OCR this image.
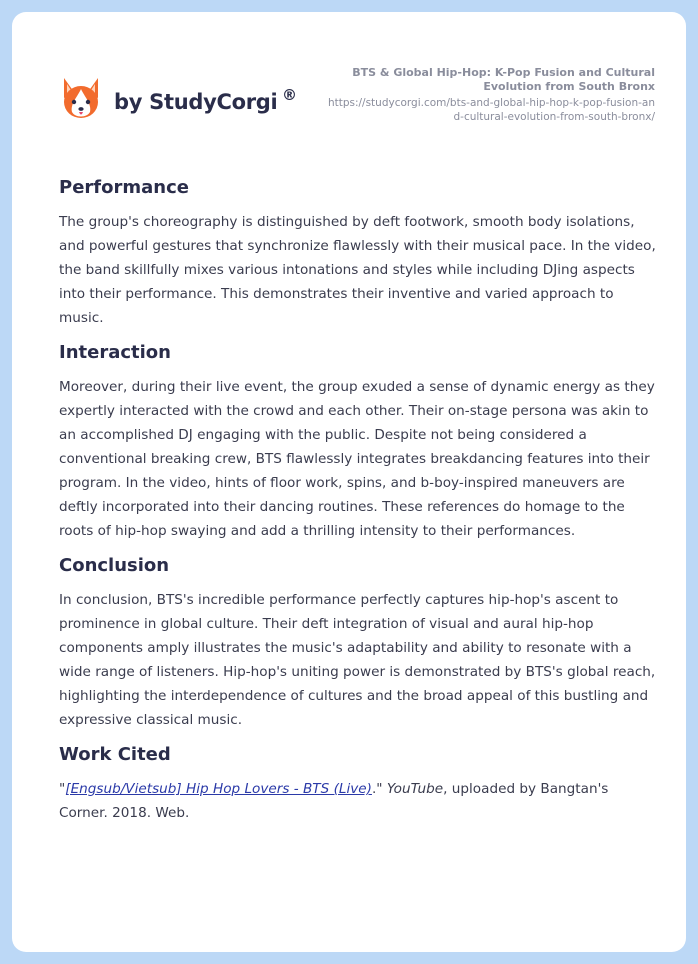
by StudyCorgi ®
BTS & Global Hip-Hop: K-Pop Fusion and Cultural Evolution from South Bronx
https://studycorgi.com/bts-and-global-hip-hop-k-pop-fusion-and-cultural-evolution-from-south-bronx/
Performance

The group's choreography is distinguished by deft footwork, smooth body isolations, and powerful gestures that synchronize flawlessly with their musical pace. In the video, the band skillfully mixes various intonations and styles while including DJing aspects into their performance. This demonstrates their inventive and varied approach to music.

Interaction

Moreover, during their live event, the group exuded a sense of dynamic energy as they expertly interacted with the crowd and each other. Their on-stage persona was akin to an accomplished DJ engaging with the public. Despite not being considered a conventional breaking crew, BTS flawlessly integrates breakdancing features into their program. In the video, hints of floor work, spins, and b-boy-inspired maneuvers are deftly incorporated into their dancing routines. These references do homage to the roots of hip-hop swaying and add a thrilling intensity to their performances.

Conclusion

In conclusion, BTS's incredible performance perfectly captures hip-hop's ascent to prominence in global culture. Their deft integration of visual and aural hip-hop components amply illustrates the music's adaptability and ability to resonate with a wide range of listeners. Hip-hop's uniting power is demonstrated by BTS's global reach, highlighting the interdependence of cultures and the broad appeal of this bustling and expressive classical music.

Work Cited

"[Engsub/Vietsub] Hip Hop Lovers - BTS (Live)." YouTube, uploaded by Bangtan's Corner. 2018. Web.
